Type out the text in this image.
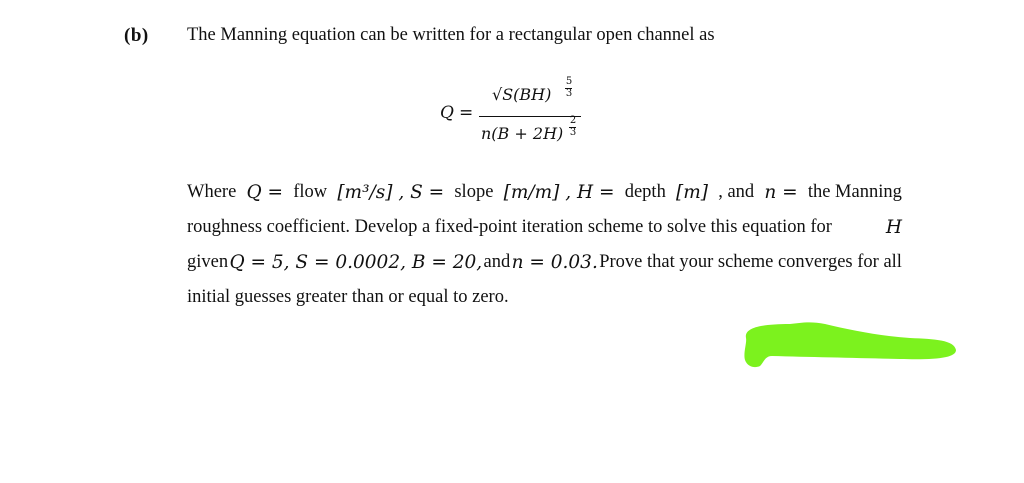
(b) The Manning equation can be written for a rectangular open channel as
Q =
√S(BH)
5
3
n(B + 2H)
2
3
Where Q = flow [m³/s] , S = slope [m/m] , H = depth [m] , and n = the Manning
roughness coefficient. Develop a fixed-point iteration scheme to solve this equation for	H
given Q = 5, S = 0.0002, B = 20, and n = 0.03. Prove that your scheme converges for all
initial guesses greater than or equal to zero.
